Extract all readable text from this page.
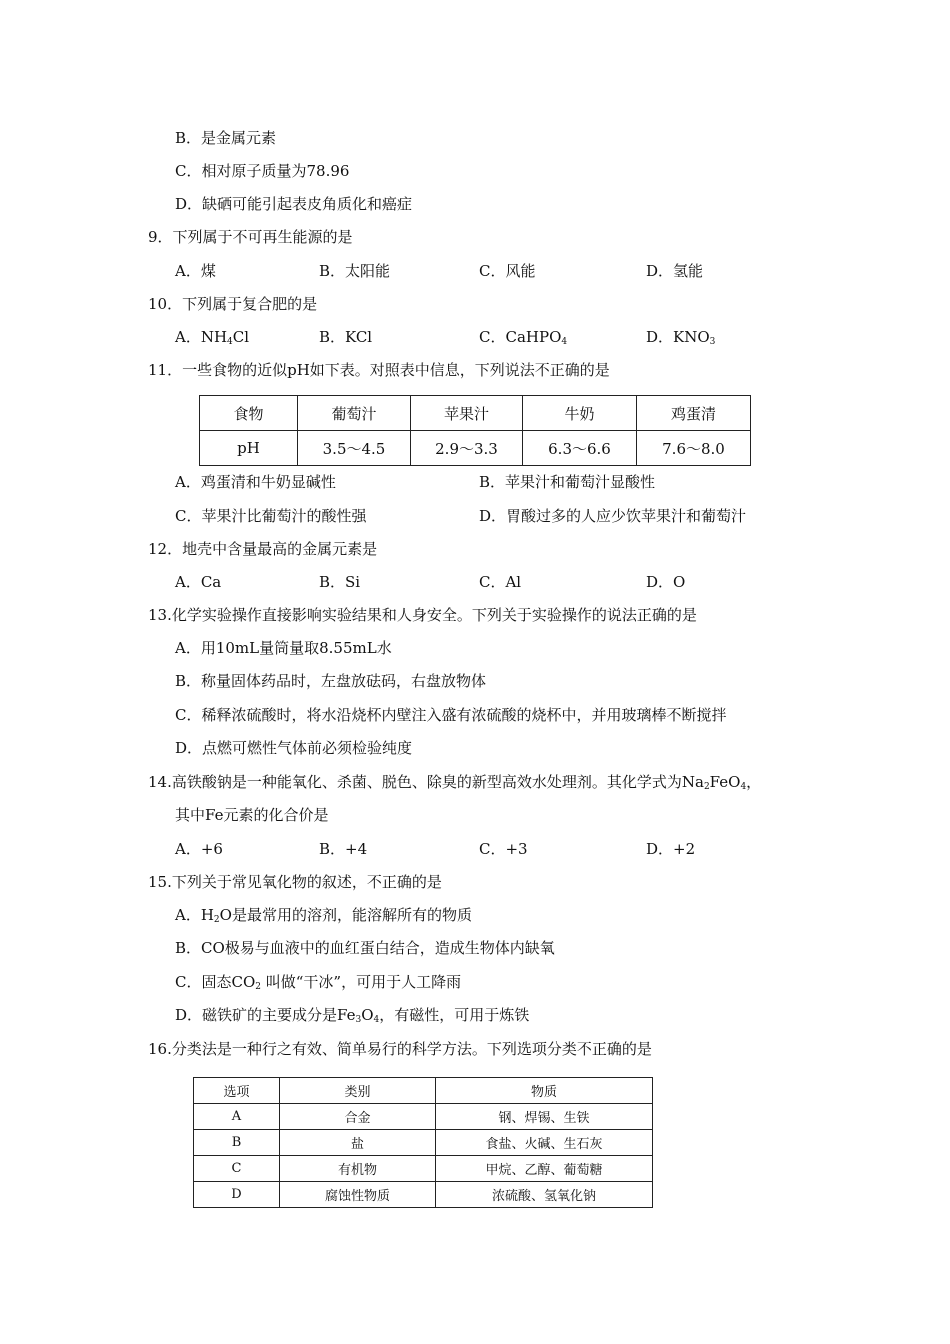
B．是金属元素
C．相对原子质量为78.96
D．缺硒可能引起表皮角质化和癌症
9．下列属于不可再生能源的是
A．煤	B．太阳能	C．风能	D．氢能
10．下列属于复合肥的是
A．$NH_4Cl$	B．KCl	C．CaHPO$_4$	D．$KNO_3$
11．一些食物的近似pH如下表。对照表中信息，下列说法不正确的是
食物	葡萄汁	苹果汁	牛奶	鸡蛋清
pH	3.5～4.5	2.9～3.3	6.3～6.6	7.6～8.0
A．鸡蛋清和牛奶显碱性	B．苹果汁和葡萄汁显酸性
C．苹果汁比葡萄汁的酸性强	D．胃酸过多的人应少饮苹果汁和葡萄汁
12．地壳中含量最高的金属元素是
A．Ca	B．Si	C．Al	D．O
13.化学实验操作直接影响实验结果和人身安全。下列关于实验操作的说法正确的是
A．用10mL量筒量取8.55mL水
B．称量固体药品时，左盘放砝码，右盘放物体
C．稀释浓硫酸时，将水沿烧杯内壁注入盛有浓硫酸的烧杯中，并用玻璃棒不断搅拌
D．点燃可燃性气体前必须检验纯度
14.高铁酸钠是一种能氧化、杀菌、脱色、除臭的新型高效水处理剂。其化学式为$Na_2FeO_4$，
其中Fe元素的化合价是
A．+6	B．+4	C．+3	D．+2
15.下列关于常见氧化物的叙述，不正确的是
A．$H_2O$是最常用的溶剂，能溶解所有的物质
B．CO极易与血液中的血红蛋白结合，造成生物体内缺氧
C．固态$CO_2$ 叫做“干冰”，可用于人工降雨
D．磁铁矿的主要成分是$Fe_3O_4$，有磁性，可用于炼铁
16.分类法是一种行之有效、简单易行的科学方法。下列选项分类不正确的是
选项	类别	物质
A	合金	钢、焊锡、生铁
B	盐	食盐、火碱、生石灰
C	有机物	甲烷、乙醇、葡萄糖
D	腐蚀性物质	浓硫酸、氢氧化钠
